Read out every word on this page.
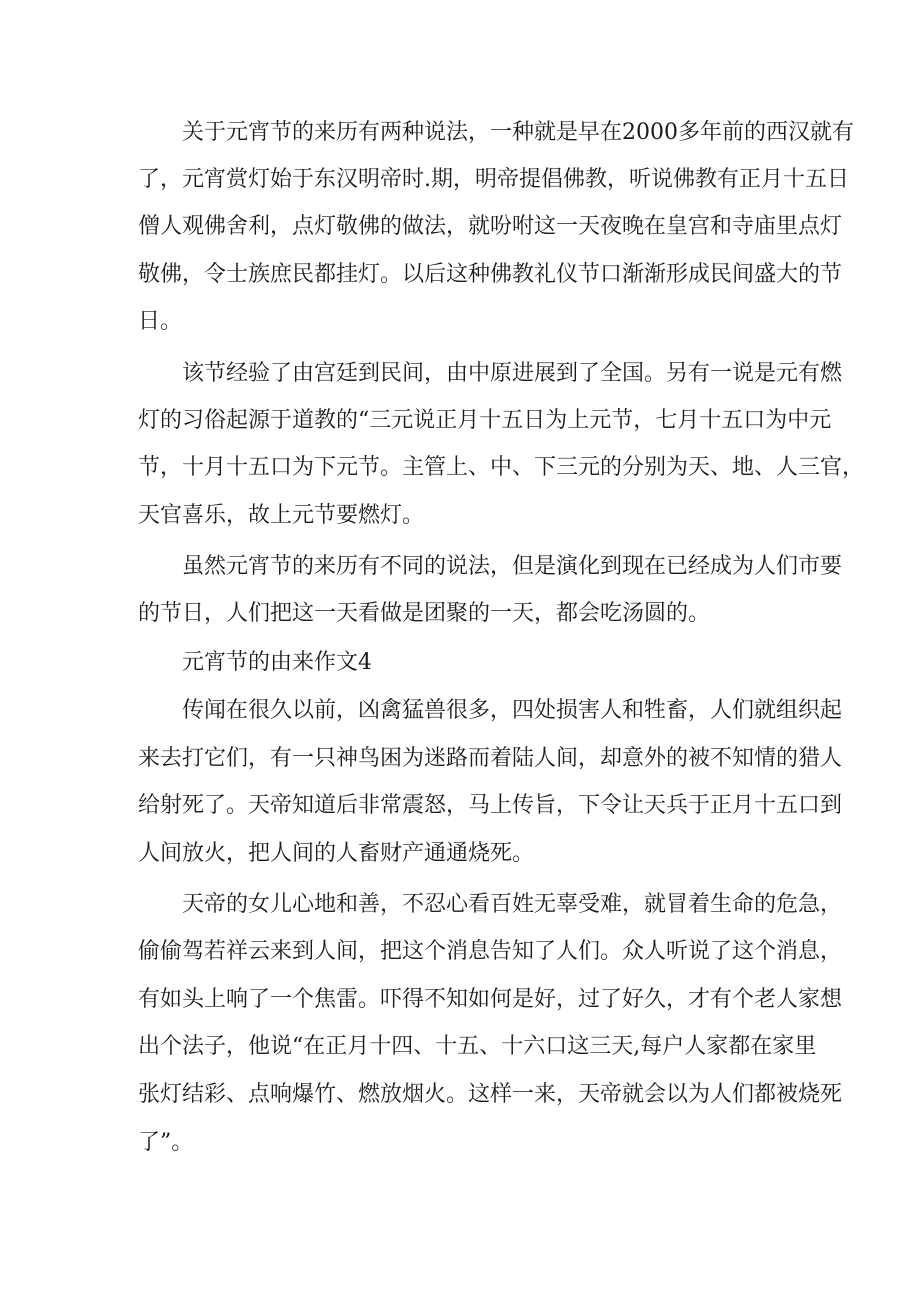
关于元宵节的来历有两种说法，一种就是早在2000多年前的西汉就有

了，元宵赏灯始于东汉明帝时.期，明帝提倡佛教，听说佛教有正月十五日

僧人观佛舍利，点灯敬佛的做法，就吩咐这一天夜晚在皇宫和寺庙里点灯

敬佛，令士族庶民都挂灯。以后这种佛教礼仪节口渐渐形成民间盛大的节

日。

该节经验了由宫廷到民间，由中原进展到了全国。另有一说是元有燃

灯的习俗起源于道教的“三元说正月十五日为上元节，七月十五口为中元

节，十月十五口为下元节。主管上、中、下三元的分别为天、地、人三官，

天官喜乐，故上元节要燃灯。

虽然元宵节的来历有不同的说法，但是演化到现在已经成为人们市要

的节日，人们把这一天看做是团聚的一天，都会吃汤圆的。

元宵节的由来作文4

传闻在很久以前，凶禽猛兽很多，四处损害人和牲畜，人们就组织起

来去打它们，有一只神鸟困为迷路而着陆人间，却意外的被不知情的猎人

给射死了。天帝知道后非常震怒，马上传旨，下令让天兵于正月十五口到

人间放火，把人间的人畜财产通通烧死。

天帝的女儿心地和善，不忍心看百姓无辜受难，就冒着生命的危急，

偷偷驾若祥云来到人间，把这个消息告知了人们。众人听说了这个消息，

有如头上响了一个焦雷。吓得不知如何是好，过了好久，才有个老人家想

出个法子，他说“在正月十四、十五、十六口这三天,每户人家都在家里

张灯结彩、点响爆竹、燃放烟火。这样一来，天帝就会以为人们都被烧死

了”。
